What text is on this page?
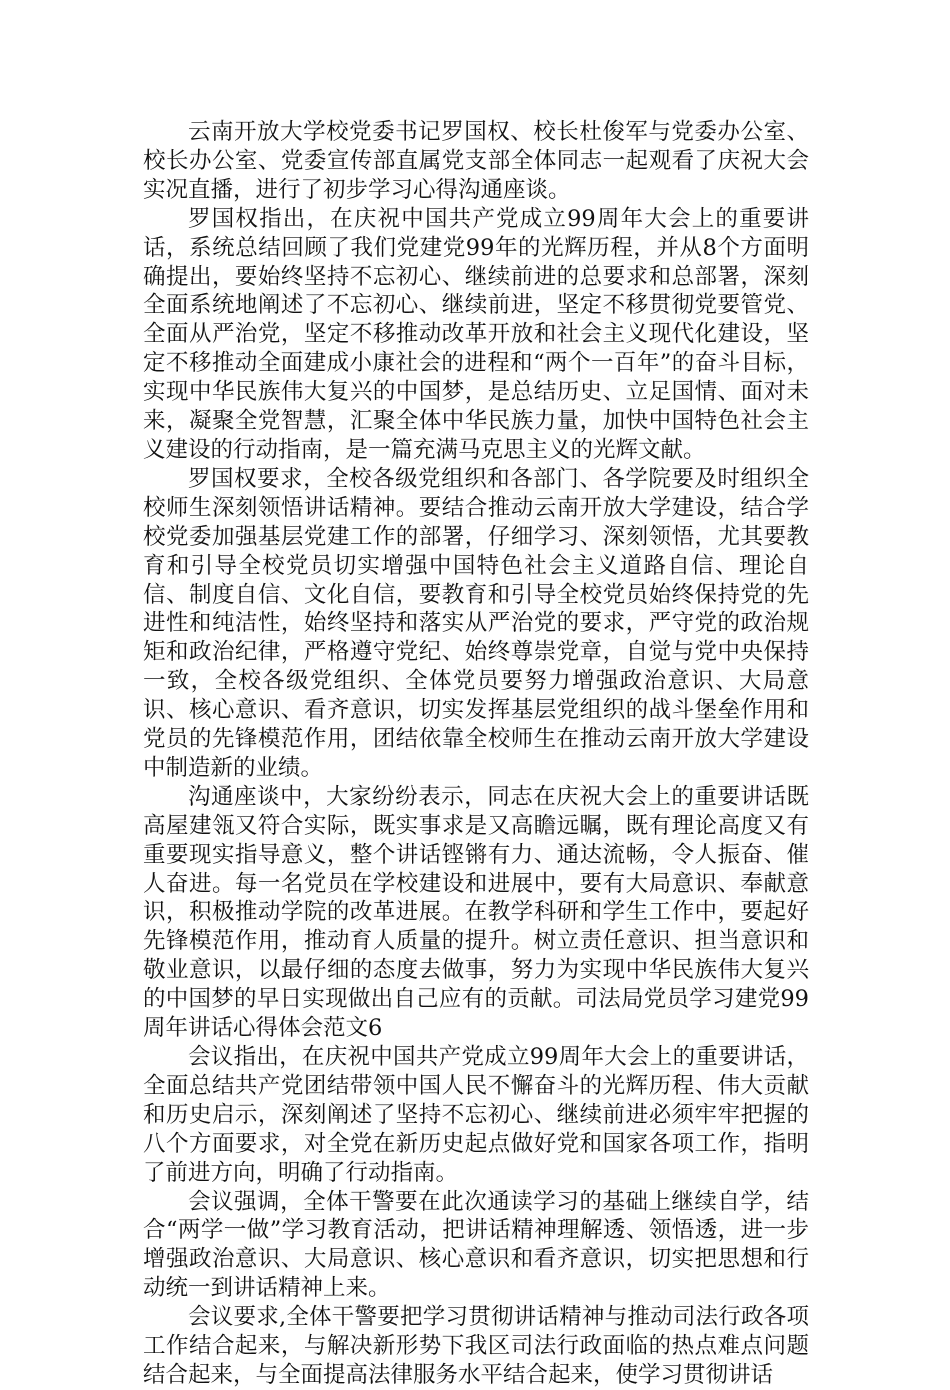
云南开放大学校党委书记罗国权、校长杜俊军与党委办公室、校长办公室、党委宣传部直属党支部全体同志一起观看了庆祝大会实况直播，进行了初步学习心得沟通座谈。

罗国权指出，在庆祝中国共产党成立99周年大会上的重要讲话，系统总结回顾了我们党建党99年的光辉历程，并从8个方面明确提出，要始终坚持不忘初心、继续前进的总要求和总部署，深刻全面系统地阐述了不忘初心、继续前进，坚定不移贯彻党要管党、全面从严治党，坚定不移推动改革开放和社会主义现代化建设，坚定不移推动全面建成小康社会的进程和“两个一百年”的奋斗目标，实现中华民族伟大复兴的中国梦，是总结历史、立足国情、面对未来，凝聚全党智慧，汇聚全体中华民族力量，加快中国特色社会主义建设的行动指南，是一篇充满马克思主义的光辉文献。

罗国权要求，全校各级党组织和各部门、各学院要及时组织全校师生深刻领悟讲话精神。要结合推动云南开放大学建设，结合学校党委加强基层党建工作的部署，仔细学习、深刻领悟，尤其要教育和引导全校党员切实增强中国特色社会主义道路自信、理论自信、制度自信、文化自信，要教育和引导全校党员始终保持党的先进性和纯洁性，始终坚持和落实从严治党的要求，严守党的政治规矩和政治纪律，严格遵守党纪、始终尊崇党章，自觉与党中央保持一致，全校各级党组织、全体党员要努力增强政治意识、大局意识、核心意识、看齐意识，切实发挥基层党组织的战斗堡垒作用和党员的先锋模范作用，团结依靠全校师生在推动云南开放大学建设中制造新的业绩。

沟通座谈中，大家纷纷表示，同志在庆祝大会上的重要讲话既高屋建瓴又符合实际，既实事求是又高瞻远瞩，既有理论高度又有重要现实指导意义，整个讲话铿锵有力、通达流畅，令人振奋、催人奋进。每一名党员在学校建设和进展中，要有大局意识、奉献意识，积极推动学院的改革进展。在教学科研和学生工作中，要起好先锋模范作用，推动育人质量的提升。树立责任意识、担当意识和敬业意识，以最仔细的态度去做事，努力为实现中华民族伟大复兴的中国梦的早日实现做出自己应有的贡献。司法局党员学习建党99周年讲话心得体会范文6

会议指出，在庆祝中国共产党成立99周年大会上的重要讲话，全面总结共产党团结带领中国人民不懈奋斗的光辉历程、伟大贡献和历史启示，深刻阐述了坚持不忘初心、继续前进必须牢牢把握的八个方面要求，对全党在新历史起点做好党和国家各项工作，指明了前进方向，明确了行动指南。

会议强调，全体干警要在此次通读学习的基础上继续自学，结合“两学一做”学习教育活动，把讲话精神理解透、领悟透，进一步增强政治意识、大局意识、核心意识和看齐意识，切实把思想和行动统一到讲话精神上来。

会议要求,全体干警要把学习贯彻讲话精神与推动司法行政各项工作结合起来，与解决新形势下我区司法行政面临的热点难点问题结合起来，与全面提高法律服务水平结合起来，使学习贯彻讲话
